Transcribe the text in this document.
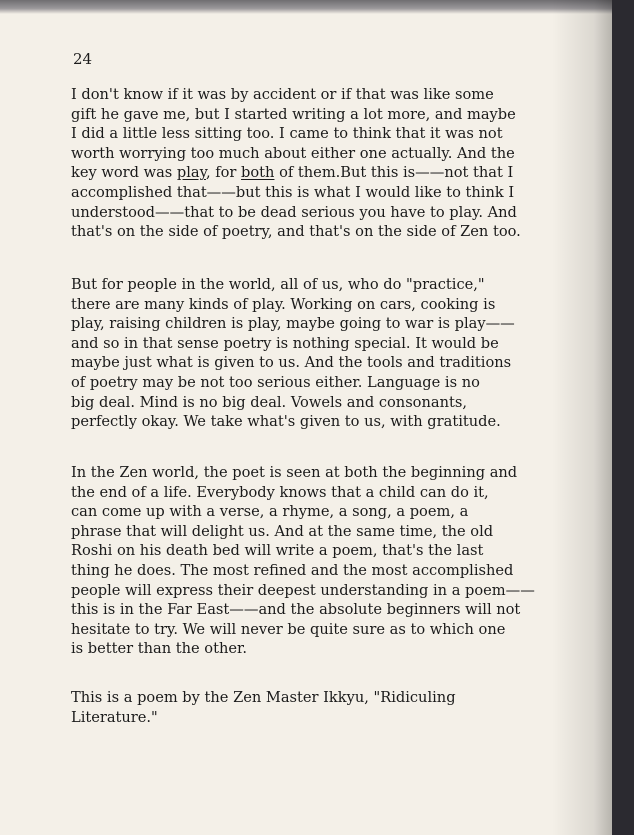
24

I don't know if it was by accident or if that was like some
gift he gave me, but I started writing a lot more, and maybe
I did a little less sitting too. I came to think that it was not
worth worrying too much about either one actually. And the
key word was play, for both of them.But this is——not that I
accomplished that——but this is what I would like to think I
understood——that to be dead serious you have to play. And
that's on the side of poetry, and that's on the side of Zen too.

But for people in the world, all of us, who do "practice,"
there are many kinds of play. Working on cars, cooking is
play, raising children is play, maybe going to war is play——
and so in that sense poetry is nothing special. It would be
maybe just what is given to us. And the tools and traditions
of poetry may be not too serious either. Language is no
big deal. Mind is no big deal. Vowels and consonants,
perfectly okay. We take what's given to us, with gratitude.

In the Zen world, the poet is seen at both the beginning and
the end of a life. Everybody knows that a child can do it,
can come up with a verse, a rhyme, a song, a poem, a
phrase that will delight us. And at the same time, the old
Roshi on his death bed will write a poem, that's the last
thing he does. The most refined and the most accomplished
people will express their deepest understanding in a poem——
this is in the Far East——and the absolute beginners will not
hesitate to try. We will never be quite sure as to which one
is better than the other.

This is a poem by the Zen Master Ikkyu, "Ridiculing
Literature."
